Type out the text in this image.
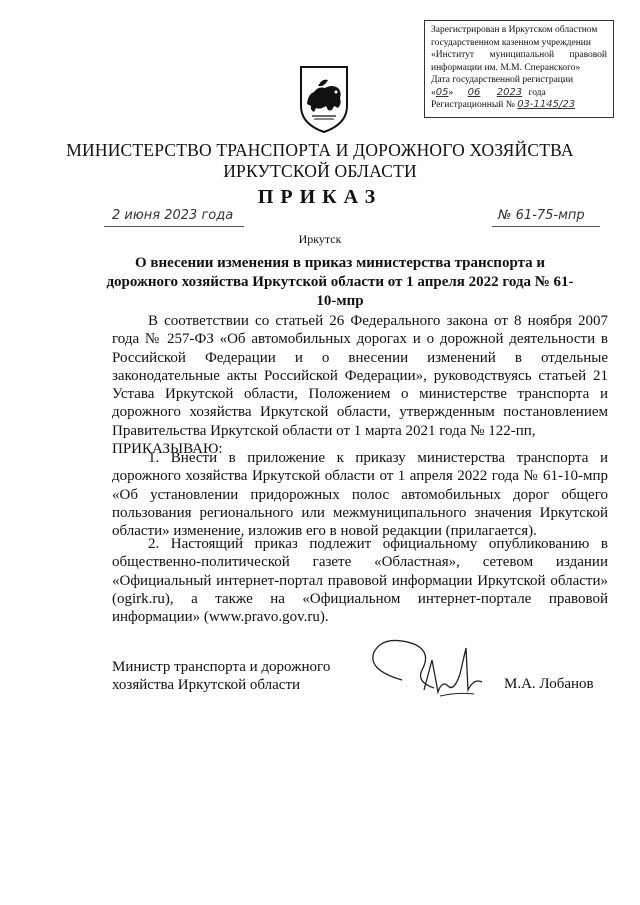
Зарегистрирован в Иркутском областном
государственном казенном учреждении
«Институт муниципальной правовой
информации им. М.М. Сперанского»
Дата государственной регистрации
«05» 06 2023 года
Регистрационный № 03-1145/23
МИНИСТЕРСТВО ТРАНСПОРТА И ДОРОЖНОГО ХОЗЯЙСТВА
ИРКУТСКОЙ ОБЛАСТИ
ПРИКАЗ
2 июня 2023 года	№ 61-75-мпр
Иркутск
О внесении изменения в приказ министерства транспорта и дорожного хозяйства Иркутской области от 1 апреля 2022 года № 61-10-мпр

В соответствии со статьей 26 Федерального закона от 8 ноября 2007 года № 257-ФЗ «Об автомобильных дорогах и о дорожной деятельности в Российской Федерации и о внесении изменений в отдельные законодательные акты Российской Федерации», руководствуясь статьей 21 Устава Иркутской области, Положением о министерстве транспорта и дорожного хозяйства Иркутской области, утвержденным постановлением Правительства Иркутской области от 1 марта 2021 года № 122-пп,

ПРИКАЗЫВАЮ:

1. Внести в приложение к приказу министерства транспорта и дорожного хозяйства Иркутской области от 1 апреля 2022 года № 61-10-мпр «Об установлении придорожных полос автомобильных дорог общего пользования регионального или межмуниципального значения Иркутской области» изменение, изложив его в новой редакции (прилагается).

2. Настоящий приказ подлежит официальному опубликованию в общественно-политической газете «Областная», сетевом издании «Официальный интернет-портал правовой информации Иркутской области» (ogirk.ru), а также на «Официальном интернет-портале правовой информации» (www.pravo.gov.ru).

Министр транспорта и дорожного
хозяйства Иркутской области	М.А. Лобанов
